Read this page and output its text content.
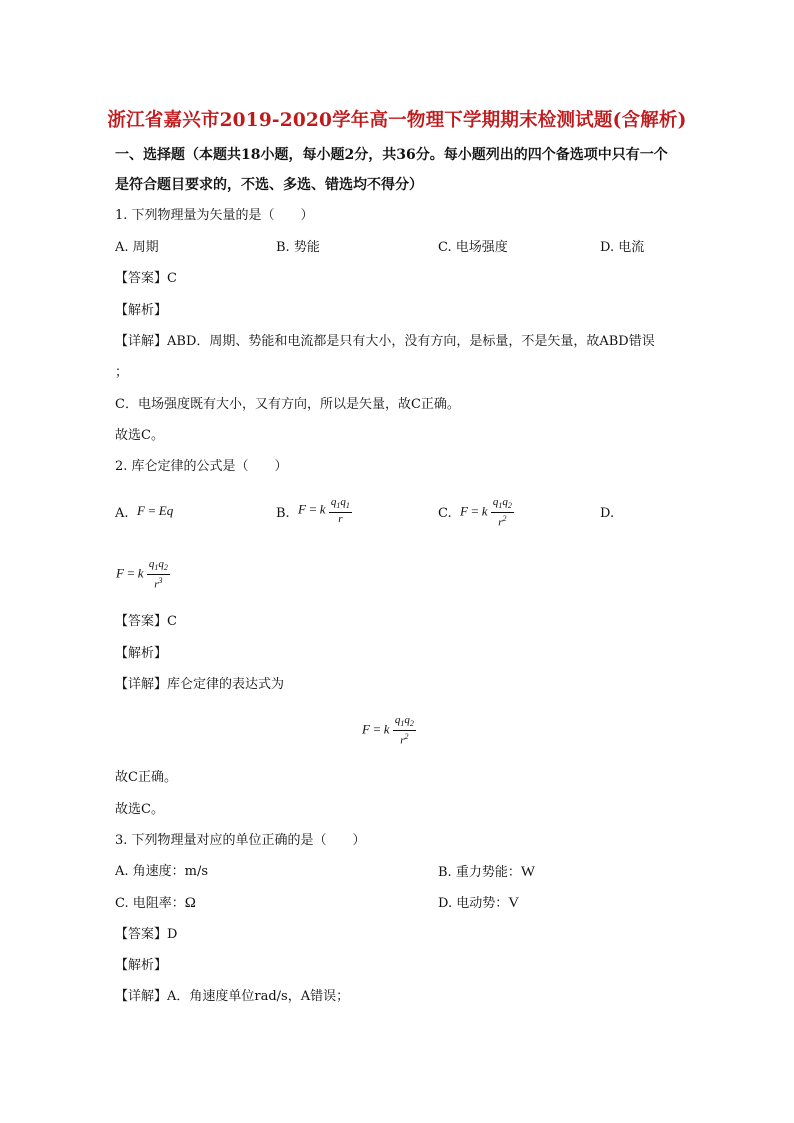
浙江省嘉兴市2019-2020学年高一物理下学期期末检测试题(含解析)
一、选择题（本题共18小题，每小题2分，共36分。每小题列出的四个备选项中只有一个
是符合题目要求的，不选、多选、错选均不得分）
1. 下列物理量为矢量的是（　　）
A. 周期	B. 势能	C. 电场强度	D. 电流
【答案】C
【解析】
【详解】ABD．周期、势能和电流都是只有大小，没有方向，是标量，不是矢量，故ABD错误
；
C．电场强度既有大小，又有方向，所以是矢量，故C正确。
故选C。
2. 库仑定律的公式是（　　）
A. F = Eq	B. F = k $\frac{q_1q_1}{r}$	C. F = k $\frac{q_1q_2}{r^2}$	D.
F = k $\frac{q_1q_2}{r^3}$
【答案】C
【解析】
【详解】库仑定律的表达式为
F = k $\frac{q_1q_2}{r^2}$
故C正确。
故选C。
3. 下列物理量对应的单位正确的是（　　）
A. 角速度：m/s	B. 重力势能：W
C. 电阻率：Ω	D. 电动势：V
【答案】D
【解析】
【详解】A．角速度单位rad/s，A错误；
